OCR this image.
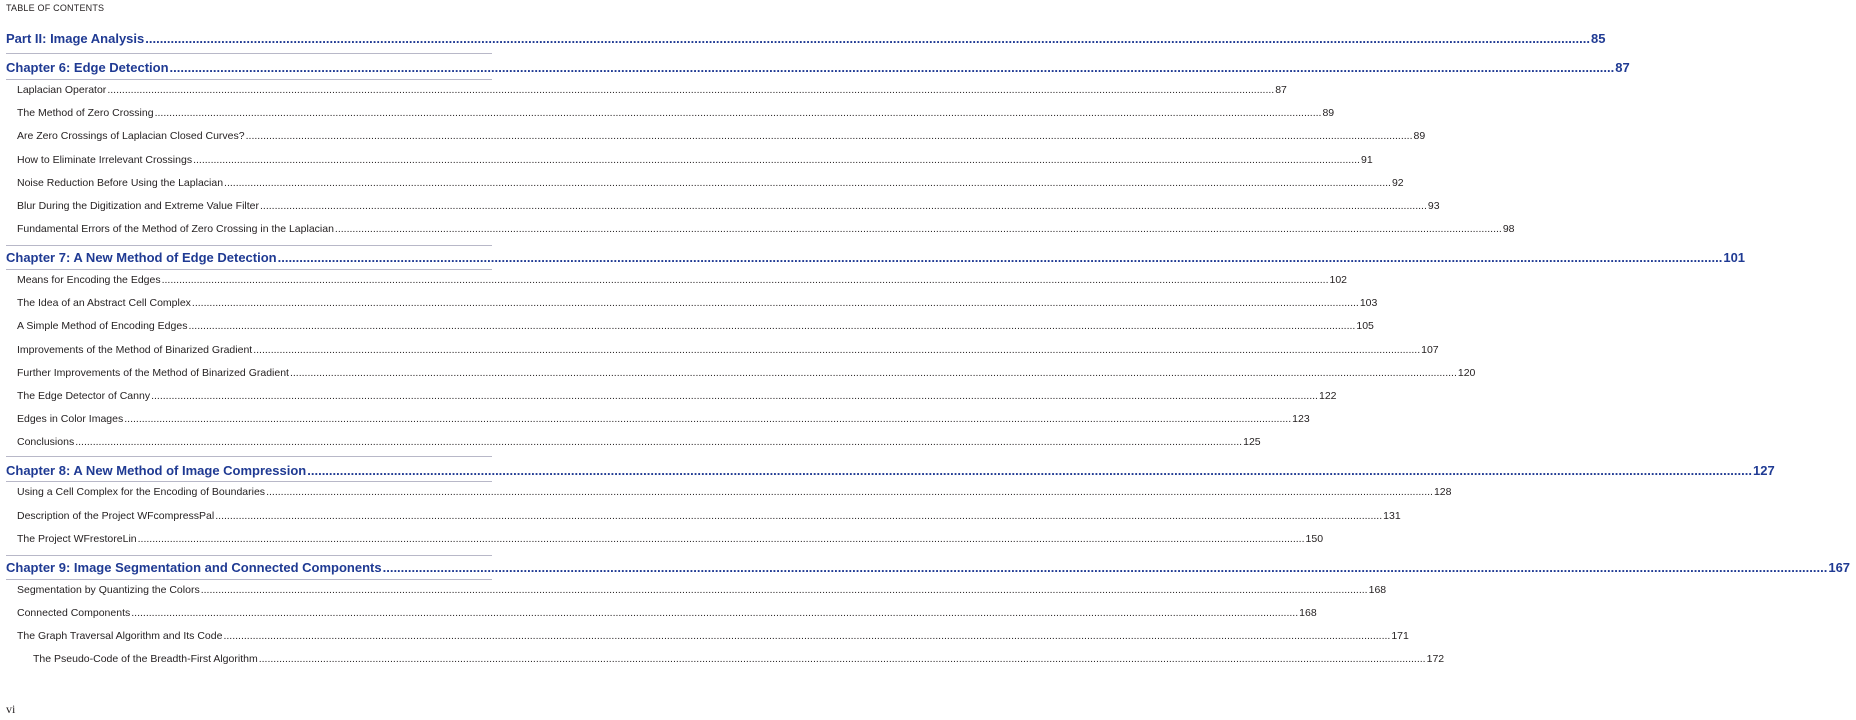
TABLE OF CONTENTS
Part II: Image Analysis ................................................................................................................................................................................................................................................................................................................................................................................................................ 85
Chapter 6: Edge Detection ................................................................................................................................................................................................................................................................................................................................................................................................................ 87
Laplacian Operator ................................................................................................................................................................................................................................................................................................................................................................................................................ 87
The Method of Zero Crossing ................................................................................................................................................................................................................................................................................................................................................................................................................ 89
Are Zero Crossings of Laplacian Closed Curves? ................................................................................................................................................................................................................................................................................................................................................................................................................ 89
How to Eliminate Irrelevant Crossings ................................................................................................................................................................................................................................................................................................................................................................................................................ 91
Noise Reduction Before Using the Laplacian ................................................................................................................................................................................................................................................................................................................................................................................................................ 92
Blur During the Digitization and Extreme Value Filter ................................................................................................................................................................................................................................................................................................................................................................................................................ 93
Fundamental Errors of the Method of Zero Crossing in the Laplacian ................................................................................................................................................................................................................................................................................................................................................................................................................ 98
Chapter 7: A New Method of Edge Detection ................................................................................................................................................................................................................................................................................................................................................................................................................ 101
Means for Encoding the Edges ................................................................................................................................................................................................................................................................................................................................................................................................................ 102
The Idea of an Abstract Cell Complex ................................................................................................................................................................................................................................................................................................................................................................................................................ 103
A Simple Method of Encoding Edges ................................................................................................................................................................................................................................................................................................................................................................................................................ 105
Improvements of the Method of Binarized Gradient ................................................................................................................................................................................................................................................................................................................................................................................................................ 107
Further Improvements of the Method of Binarized Gradient ................................................................................................................................................................................................................................................................................................................................................................................................................ 120
The Edge Detector of Canny ................................................................................................................................................................................................................................................................................................................................................................................................................ 122
Edges in Color Images ................................................................................................................................................................................................................................................................................................................................................................................................................ 123
Conclusions ................................................................................................................................................................................................................................................................................................................................................................................................................ 125
Chapter 8: A New Method of Image Compression ................................................................................................................................................................................................................................................................................................................................................................................................................ 127
Using a Cell Complex for the Encoding of Boundaries ................................................................................................................................................................................................................................................................................................................................................................................................................ 128
Description of the Project WFcompressPal ................................................................................................................................................................................................................................................................................................................................................................................................................ 131
The Project WFrestoreLin ................................................................................................................................................................................................................................................................................................................................................................................................................ 150
Chapter 9: Image Segmentation and Connected Components ................................................................................................................................................................................................................................................................................................................................................................................................................ 167
Segmentation by Quantizing the Colors ................................................................................................................................................................................................................................................................................................................................................................................................................ 168
Connected Components ................................................................................................................................................................................................................................................................................................................................................................................................................ 168
The Graph Traversal Algorithm and Its Code ................................................................................................................................................................................................................................................................................................................................................................................................................ 171
The Pseudo-Code of the Breadth-First Algorithm ................................................................................................................................................................................................................................................................................................................................................................................................................ 172
vi
